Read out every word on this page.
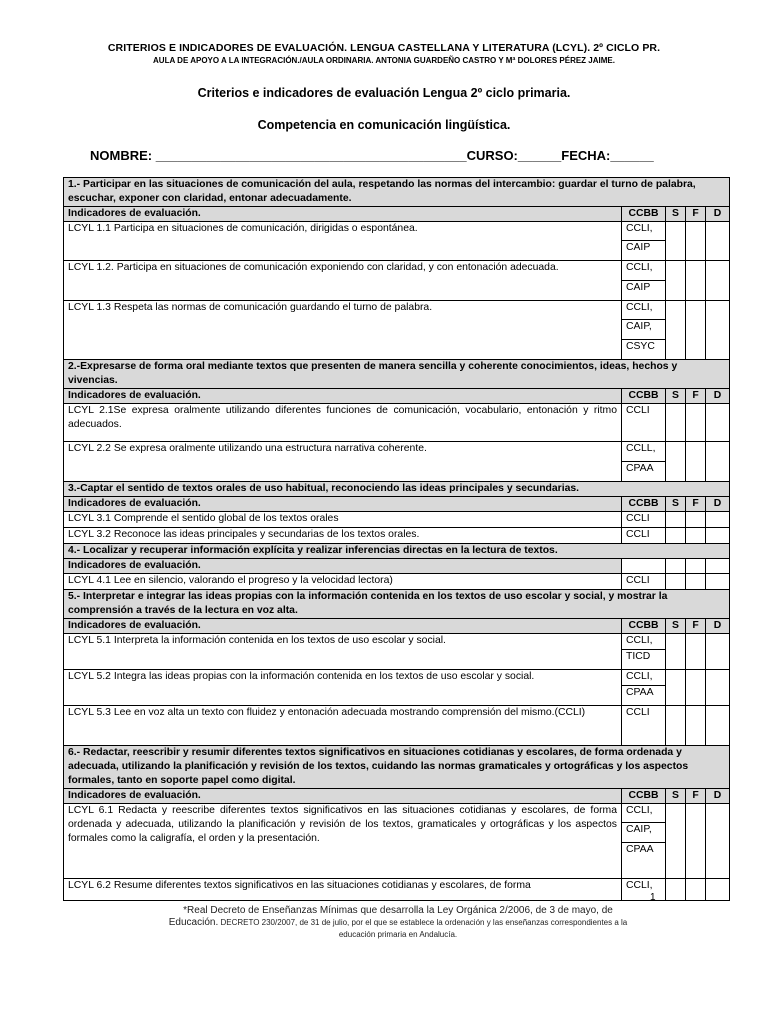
CRITERIOS E INDICADORES DE EVALUACIÓN. LENGUA CASTELLANA Y LITERATURA (LCYL). 2º CICLO PR.
AULA DE APOYO A LA INTEGRACIÓN./AULA ORDINARIA. ANTONIA GUARDEÑO CASTRO Y Mª DOLORES PÉREZ JAIME.
Criterios e indicadores de evaluación Lengua 2º ciclo primaria.
Competencia en comunicación lingüística.
NOMBRE: ___________________________________________CURSO:______FECHA:______
1.- Participar en las situaciones de comunicación del aula, respetando las normas del intercambio: guardar el turno de palabra, escuchar, exponer con claridad, entonar adecuadamente.				
Indicadores de evaluación.	CCBB	S	F	D
LCYL 1.1 Participa en situaciones de comunicación, dirigidas o espontánea.	CCLI,			
	CAIP			
LCYL 1.2. Participa en situaciones de comunicación exponiendo con claridad, y con entonación adecuada.	CCLI,			
	CAIP			
LCYL 1.3 Respeta las normas de comunicación guardando el turno de palabra.	CCLI,			
	CAIP,			
	CSYC			
2.-Expresarse de forma oral mediante textos que presenten de manera sencilla y coherente conocimientos, ideas, hechos y vivencias.				
Indicadores de evaluación.	CCBB	S	F	D
LCYL 2.1Se expresa oralmente utilizando diferentes funciones de comunicación, vocabulario, entonación y ritmo adecuados.	CCLI			
LCYL 2.2 Se expresa oralmente utilizando una estructura narrativa coherente.	CCLL,			
	CPAA			
3.-Captar el sentido de textos orales de uso habitual, reconociendo las ideas principales y secundarias.				
Indicadores de evaluación.	CCBB	S	F	D
LCYL 3.1 Comprende el sentido global de los textos orales	CCLI			
LCYL 3.2 Reconoce las ideas principales y secundarias de los textos orales.	CCLI			
4.- Localizar y recuperar información explícita y realizar inferencias directas en la lectura de textos.				
Indicadores de evaluación.				
LCYL 4.1 Lee en silencio, valorando el progreso y la velocidad lectora)	CCLI			
5.- Interpretar e integrar las ideas propias con la información contenida en los textos de uso escolar y social, y mostrar la comprensión a través de la lectura en voz alta.				
Indicadores de evaluación.	CCBB	S	F	D
LCYL 5.1 Interpreta la información contenida en los textos de uso escolar y social.	CCLI,			
	TICD			
LCYL 5.2 Integra las ideas propias con la información contenida en los textos de uso escolar y social.	CCLI,			
	CPAA			
LCYL 5.3 Lee en voz alta un texto con fluidez y entonación adecuada mostrando comprensión del mismo.(CCLI)	CCLI			
6.- Redactar, reescribir y resumir diferentes textos significativos en situaciones cotidianas y escolares, de forma ordenada y adecuada, utilizando la planificación y revisión de los textos, cuidando las normas gramaticales y ortográficas y los aspectos formales, tanto en soporte papel como digital.				
Indicadores de evaluación.	CCBB	S	F	D
LCYL 6.1 Redacta y reescribe diferentes textos significativos en las situaciones cotidianas y escolares, de forma ordenada y adecuada, utilizando la planificación y revisión de los textos, gramaticales y ortográficas y los aspectos formales como la caligrafía, el orden y la presentación.	CCLI,			
	CAIP,			
	CPAA			
LCYL 6.2 Resume diferentes textos significativos en las situaciones cotidianas y escolares, de forma	CCLI,			
1
*Real Decreto de Enseñanzas Mínimas que desarrolla la Ley Orgánica 2/2006, de 3 de mayo, de
Educación. DECRETO 230/2007, de 31 de julio, por el que se establece la ordenación y las enseñanzas correspondientes a la
educación primaria en Andalucía.
